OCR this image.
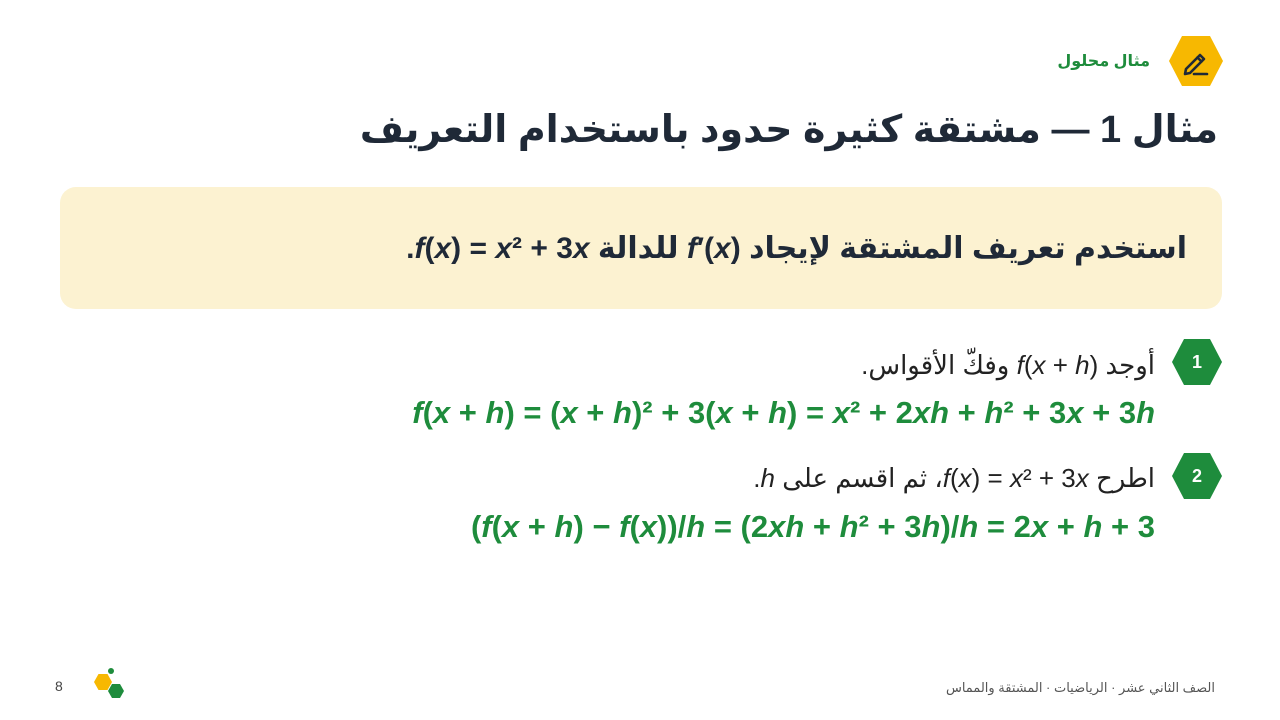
مثال محلول
مثال 1 — مشتقة كثيرة حدود باستخدام التعريف

استخدم تعريف المشتقة لإيجاد f′(x) للدالة f(x) = x² + 3x.

1

أوجد f(x + h) وفكّ الأقواس.

f(x + h) = (x + h)² + 3(x + h) = x² + 2xh + h² + 3x + 3h

2

اطرح f(x) = x² + 3x، ثم اقسم على h.

(f(x + h) − f(x))/h = (2xh + h² + 3h)/h = 2x + h + 3

8	الصف الثاني عشر · الرياضيات · المشتقة والمماس
